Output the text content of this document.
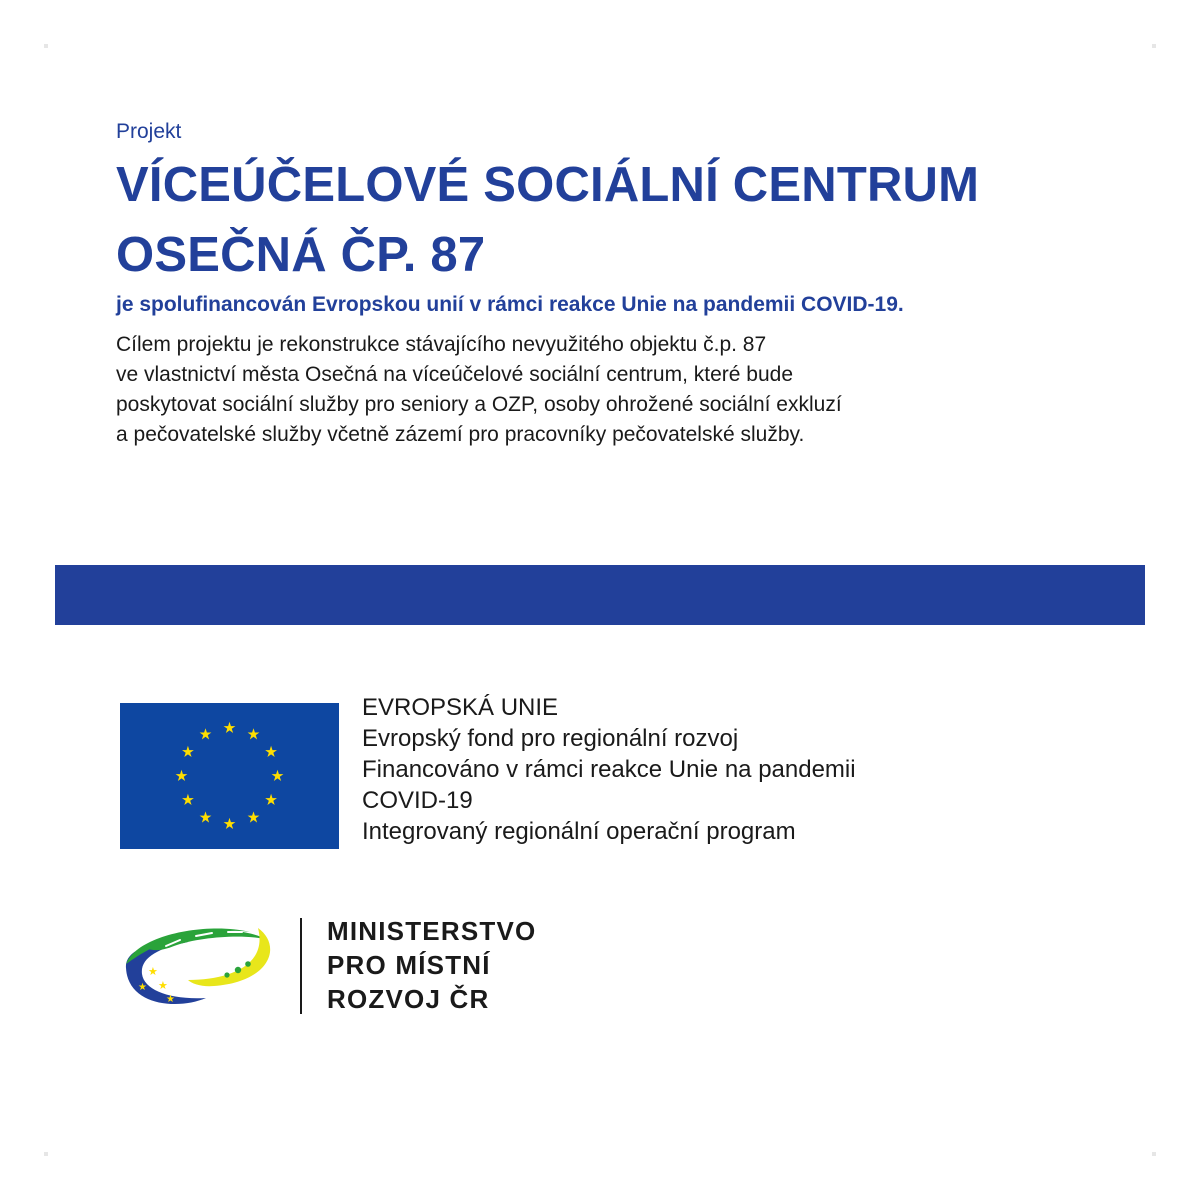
Projekt
VÍCEÚČELOVÉ SOCIÁLNÍ CENTRUM
OSEČNÁ ČP. 87
je spolufinancován Evropskou unií v rámci reakce Unie na pandemii COVID-19.
Cílem projektu je rekonstrukce stávajícího nevyužitého objektu č.p. 87
ve vlastnictví města Osečná na víceúčelové sociální centrum, které bude
poskytovat sociální služby pro seniory a OZP, osoby ohrožené sociální exkluzí
a pečovatelské služby včetně zázemí pro pracovníky pečovatelské služby.
EVROPSKÁ UNIE
Evropský fond pro regionální rozvoj
Financováno v rámci reakce Unie na pandemii
COVID-19
Integrovaný regionální operační program
★
★
★
★
MINISTERSTVO
PRO MÍSTNÍ
ROZVOJ ČR
